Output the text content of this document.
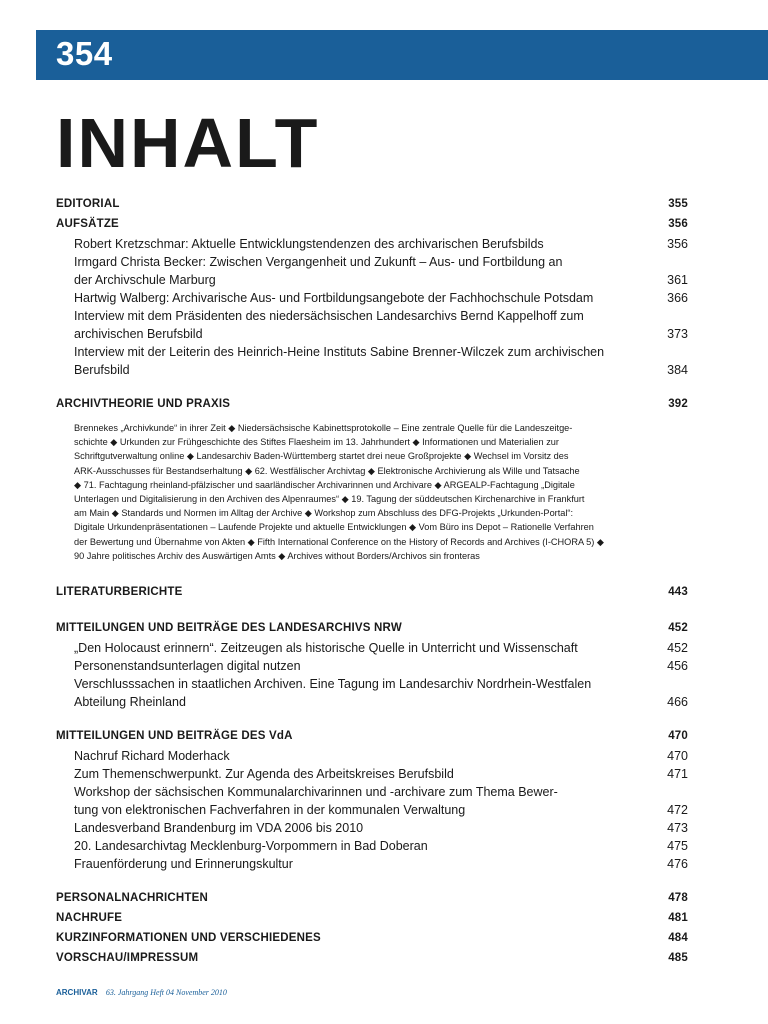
354
INHALT
EDITORIAL	355
AUFSÄTZE	356
Robert Kretzschmar: Aktuelle Entwicklungstendenzen des archivarischen Berufsbilds	356
Irmgard Christa Becker: Zwischen Vergangenheit und Zukunft – Aus- und Fortbildung an
der Archivschule Marburg	361
Hartwig Walberg: Archivarische Aus- und Fortbildungsangebote der Fachhochschule Potsdam	366
Interview mit dem Präsidenten des niedersächsischen Landesarchivs Bernd Kappelhoff zum
archivischen Berufsbild	373
Interview mit der Leiterin des Heinrich-Heine Instituts Sabine Brenner-Wilczek zum archivischen
Berufsbild	384
ARCHIVTHEORIE UND PRAXIS	392
Brennekes „Archivkunde“ in ihrer Zeit ◆ Niedersächsische Kabinettsprotokolle – Eine zentrale Quelle für die Landeszeitge-
schichte ◆ Urkunden zur Frühgeschichte des Stiftes Flaesheim im 13. Jahrhundert ◆ Informationen und Materialien zur
Schriftgutverwaltung online ◆ Landesarchiv Baden-Württemberg startet drei neue Großprojekte ◆ Wechsel im Vorsitz des
ARK-Ausschusses für Bestandserhaltung ◆ 62. Westfälischer Archivtag ◆ Elektronische Archivierung als Wille und Tatsache
◆ 71. Fachtagung rheinland-pfälzischer und saarländischer Archivarinnen und Archivare ◆ ARGEALP-Fachtagung „Digitale
Unterlagen und Digitalisierung in den Archiven des Alpenraumes“ ◆ 19. Tagung der süddeutschen Kirchenarchive in Frankfurt
am Main ◆ Standards und Normen im Alltag der Archive ◆ Workshop zum Abschluss des DFG-Projekts „Urkunden-Portal“:
Digitale Urkundenpräsentationen – Laufende Projekte und aktuelle Entwicklungen ◆ Vom Büro ins Depot – Rationelle Verfahren
der Bewertung und Übernahme von Akten ◆ Fifth International Conference on the History of Records and Archives (I-CHORA 5) ◆
90 Jahre politisches Archiv des Auswärtigen Amts ◆ Archives without Borders/Archivos sin fronteras
LITERATURBERICHTE	443
MITTEILUNGEN UND BEITRÄGE DES LANDESARCHIVS NRW	452
„Den Holocaust erinnern“. Zeitzeugen als historische Quelle in Unterricht und Wissenschaft	452
Personenstandsunterlagen digital nutzen	456
Verschlusssachen in staatlichen Archiven. Eine Tagung im Landesarchiv Nordrhein-Westfalen
Abteilung Rheinland	466
MITTEILUNGEN UND BEITRÄGE DES VdA	470
Nachruf Richard Moderhack	470
Zum Themenschwerpunkt. Zur Agenda des Arbeitskreises Berufsbild	471
Workshop der sächsischen Kommunalarchivarinnen und -archivare zum Thema Bewer-
tung von elektronischen Fachverfahren in der kommunalen Verwaltung	472
Landesverband Brandenburg im VDA 2006 bis 2010	473
20. Landesarchivtag Mecklenburg-Vorpommern in Bad Doberan	475
Frauenförderung und Erinnerungskultur	476
PERSONALNACHRICHTEN	478
NACHRUFE	481
KURZINFORMATIONEN UND VERSCHIEDENES	484
VORSCHAU/IMPRESSUM	485
ARCHIVAR 63. Jahrgang Heft 04 November 2010
